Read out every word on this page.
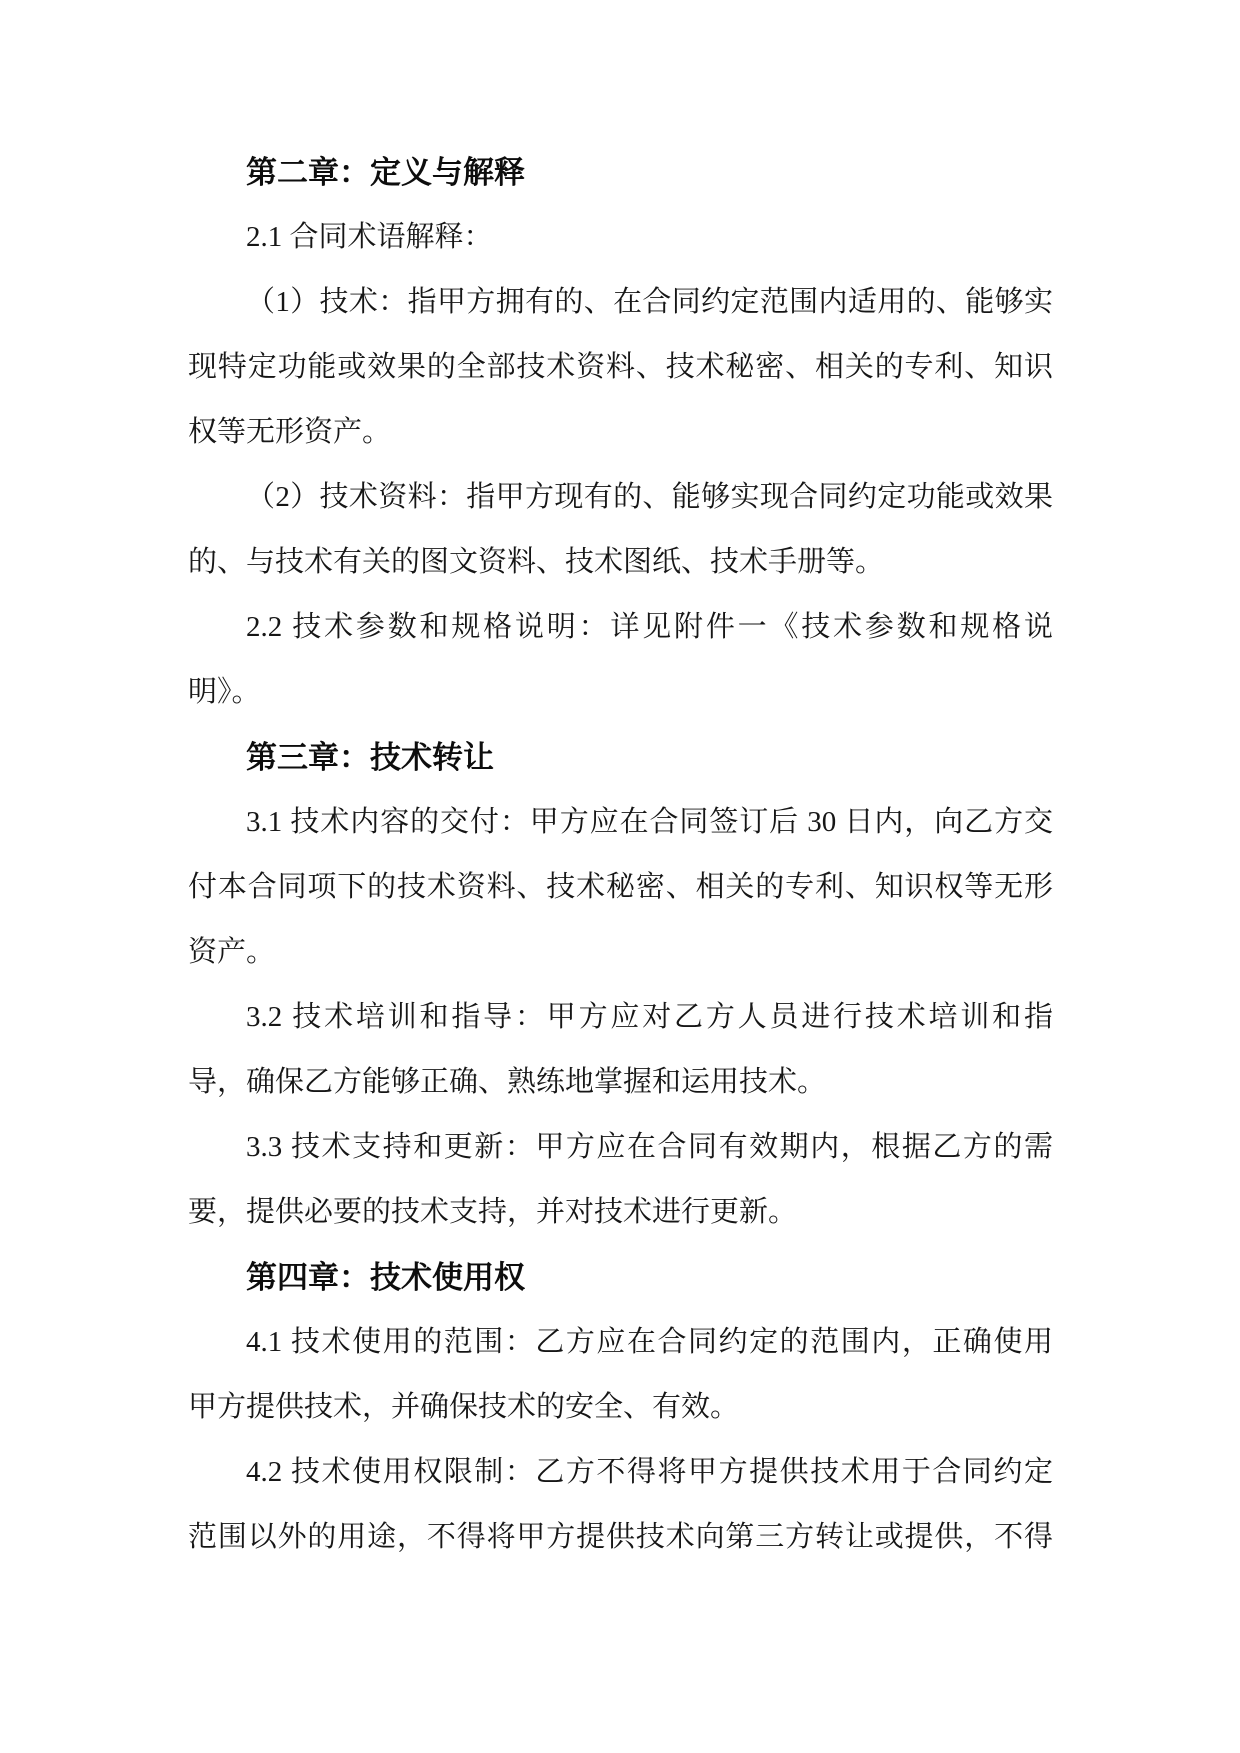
第二章：定义与解释
2.1 合同术语解释：
（1）技术：指甲方拥有的、在合同约定范围内适用的、能够实
现特定功能或效果的全部技术资料、技术秘密、相关的专利、知识
权等无形资产。
（2）技术资料：指甲方现有的、能够实现合同约定功能或效果
的、与技术有关的图文资料、技术图纸、技术手册等。
2.2 技术参数和规格说明：详见附件一《技术参数和规格说
明》。
第三章：技术转让
3.1 技术内容的交付：甲方应在合同签订后 30 日内，向乙方交
付本合同项下的技术资料、技术秘密、相关的专利、知识权等无形
资产。
3.2 技术培训和指导：甲方应对乙方人员进行技术培训和指
导，确保乙方能够正确、熟练地掌握和运用技术。
3.3 技术支持和更新：甲方应在合同有效期内，根据乙方的需
要，提供必要的技术支持，并对技术进行更新。
第四章：技术使用权
4.1 技术使用的范围：乙方应在合同约定的范围内，正确使用
甲方提供技术，并确保技术的安全、有效。
4.2 技术使用权限制：乙方不得将甲方提供技术用于合同约定
范围以外的用途，不得将甲方提供技术向第三方转让或提供，不得
